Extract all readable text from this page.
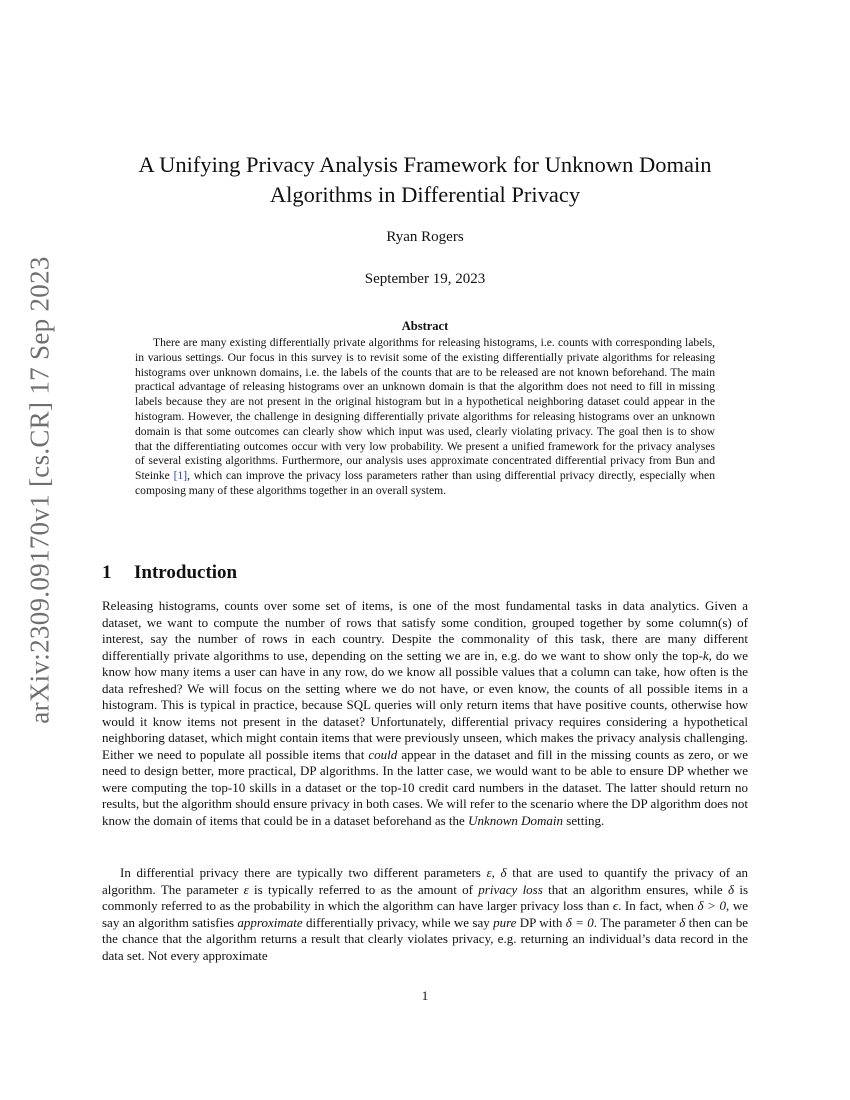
arXiv:2309.09170v1 [cs.CR] 17 Sep 2023
A Unifying Privacy Analysis Framework for Unknown Domain
Algorithms in Differential Privacy
Ryan Rogers
September 19, 2023
Abstract

There are many existing differentially private algorithms for releasing histograms, i.e. counts with corresponding labels, in various settings. Our focus in this survey is to revisit some of the existing differentially private algorithms for releasing histograms over unknown domains, i.e. the labels of the counts that are to be released are not known beforehand. The main practical advantage of releasing histograms over an unknown domain is that the algorithm does not need to fill in missing labels because they are not present in the original histogram but in a hypothetical neighboring dataset could appear in the histogram. However, the challenge in designing differentially private algorithms for releasing histograms over an unknown domain is that some outcomes can clearly show which input was used, clearly violating privacy. The goal then is to show that the differentiating outcomes occur with very low probability. We present a unified framework for the privacy analyses of several existing algorithms. Furthermore, our analysis uses approximate concentrated differential privacy from Bun and Steinke [1], which can improve the privacy loss parameters rather than using differential privacy directly, especially when composing many of these algorithms together in an overall system.

1 Introduction

Releasing histograms, counts over some set of items, is one of the most fundamental tasks in data analytics. Given a dataset, we want to compute the number of rows that satisfy some condition, grouped together by some column(s) of interest, say the number of rows in each country. Despite the commonality of this task, there are many different differentially private algorithms to use, depending on the setting we are in, e.g. do we want to show only the top-k, do we know how many items a user can have in any row, do we know all possible values that a column can take, how often is the data refreshed? We will focus on the setting where we do not have, or even know, the counts of all possible items in a histogram. This is typical in practice, because SQL queries will only return items that have positive counts, otherwise how would it know items not present in the dataset? Unfortunately, differential privacy requires considering a hypothetical neighboring dataset, which might contain items that were previously unseen, which makes the privacy analysis challenging. Either we need to populate all possible items that could appear in the dataset and fill in the missing counts as zero, or we need to design better, more practical, DP algorithms. In the latter case, we would want to be able to ensure DP whether we were computing the top-10 skills in a dataset or the top-10 credit card numbers in the dataset. The latter should return no results, but the algorithm should ensure privacy in both cases. We will refer to the scenario where the DP algorithm does not know the domain of items that could be in a dataset beforehand as the Unknown Domain setting.

In differential privacy there are typically two different parameters ε, δ that are used to quantify the privacy of an algorithm. The parameter ε is typically referred to as the amount of privacy loss that an algorithm ensures, while δ is commonly referred to as the probability in which the algorithm can have larger privacy loss than ϵ. In fact, when δ > 0, we say an algorithm satisfies approximate differentially privacy, while we say pure DP with δ = 0. The parameter δ then can be the chance that the algorithm returns a result that clearly violates privacy, e.g. returning an individual’s data record in the data set. Not every approximate

1
